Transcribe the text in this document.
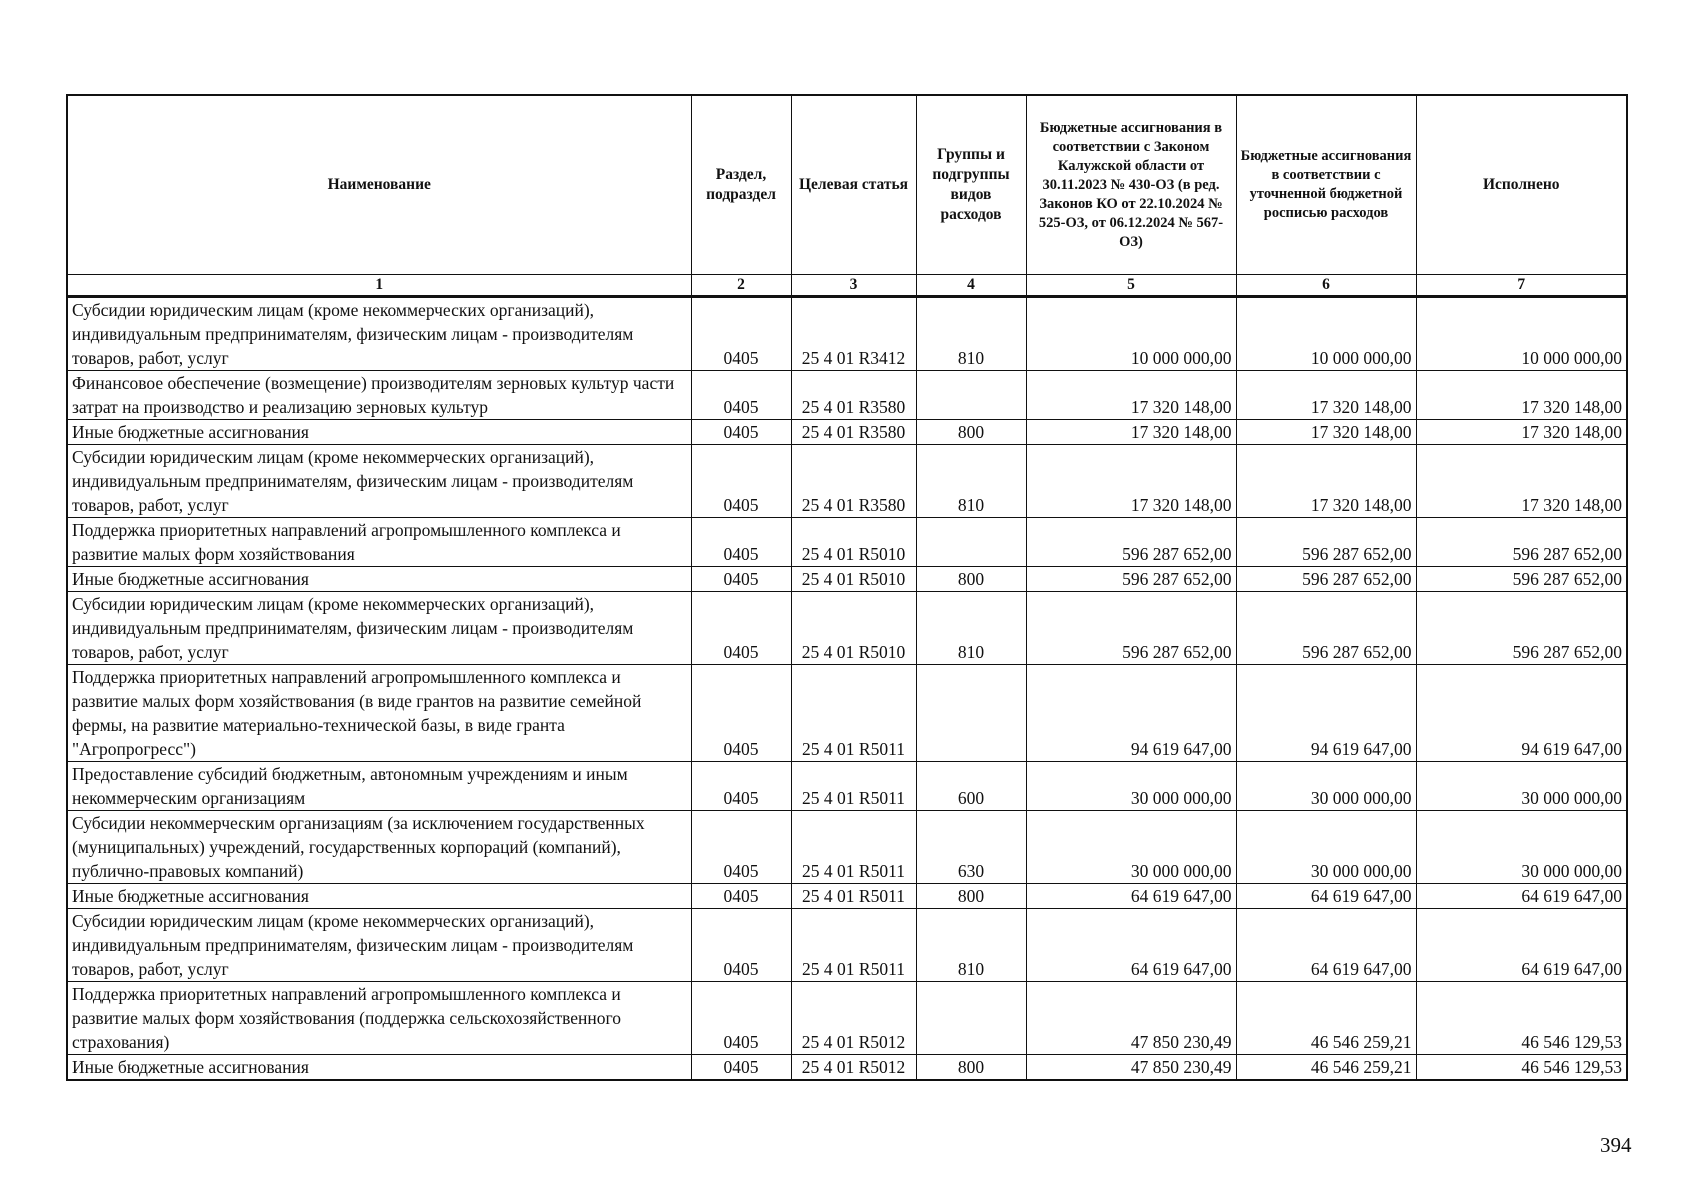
Наименование	Раздел, подраздел	Целевая статья	Группы и подгруппы видов расходов	Бюджетные ассигнования в соответствии с Законом Калужской области от 30.11.2023 № 430-ОЗ (в ред. Законов КО от 22.10.2024 № 525-ОЗ, от 06.12.2024 № 567-ОЗ)	Бюджетные ассигнования в соответствии с уточненной бюджетной росписью расходов	Исполнено
1	2	3	4	5	6	7
Субсидии юридическим лицам (кроме некоммерческих организаций), индивидуальным предпринимателям, физическим лицам - производителям товаров, работ, услуг	0405	25 4 01 R3412	810	10 000 000,00	10 000 000,00	10 000 000,00
Финансовое обеспечение (возмещение) производителям зерновых культур части затрат на производство и реализацию зерновых культур	0405	25 4 01 R3580		17 320 148,00	17 320 148,00	17 320 148,00
Иные бюджетные ассигнования	0405	25 4 01 R3580	800	17 320 148,00	17 320 148,00	17 320 148,00
Субсидии юридическим лицам (кроме некоммерческих организаций), индивидуальным предпринимателям, физическим лицам - производителям товаров, работ, услуг	0405	25 4 01 R3580	810	17 320 148,00	17 320 148,00	17 320 148,00
Поддержка приоритетных направлений агропромышленного комплекса и развитие малых форм хозяйствования	0405	25 4 01 R5010		596 287 652,00	596 287 652,00	596 287 652,00
Иные бюджетные ассигнования	0405	25 4 01 R5010	800	596 287 652,00	596 287 652,00	596 287 652,00
Субсидии юридическим лицам (кроме некоммерческих организаций), индивидуальным предпринимателям, физическим лицам - производителям товаров, работ, услуг	0405	25 4 01 R5010	810	596 287 652,00	596 287 652,00	596 287 652,00
Поддержка приоритетных направлений агропромышленного комплекса и развитие малых форм хозяйствования (в виде грантов на развитие семейной фермы, на развитие материально-технической базы, в виде гранта "Агропрогресс")	0405	25 4 01 R5011		94 619 647,00	94 619 647,00	94 619 647,00
Предоставление субсидий бюджетным, автономным учреждениям и иным некоммерческим организациям	0405	25 4 01 R5011	600	30 000 000,00	30 000 000,00	30 000 000,00
Субсидии некоммерческим организациям (за исключением государственных (муниципальных) учреждений, государственных корпораций (компаний), публично-правовых компаний)	0405	25 4 01 R5011	630	30 000 000,00	30 000 000,00	30 000 000,00
Иные бюджетные ассигнования	0405	25 4 01 R5011	800	64 619 647,00	64 619 647,00	64 619 647,00
Субсидии юридическим лицам (кроме некоммерческих организаций), индивидуальным предпринимателям, физическим лицам - производителям товаров, работ, услуг	0405	25 4 01 R5011	810	64 619 647,00	64 619 647,00	64 619 647,00
Поддержка приоритетных направлений агропромышленного комплекса и развитие малых форм хозяйствования (поддержка сельскохозяйственного страхования)	0405	25 4 01 R5012		47 850 230,49	46 546 259,21	46 546 129,53
Иные бюджетные ассигнования	0405	25 4 01 R5012	800	47 850 230,49	46 546 259,21	46 546 129,53
394
